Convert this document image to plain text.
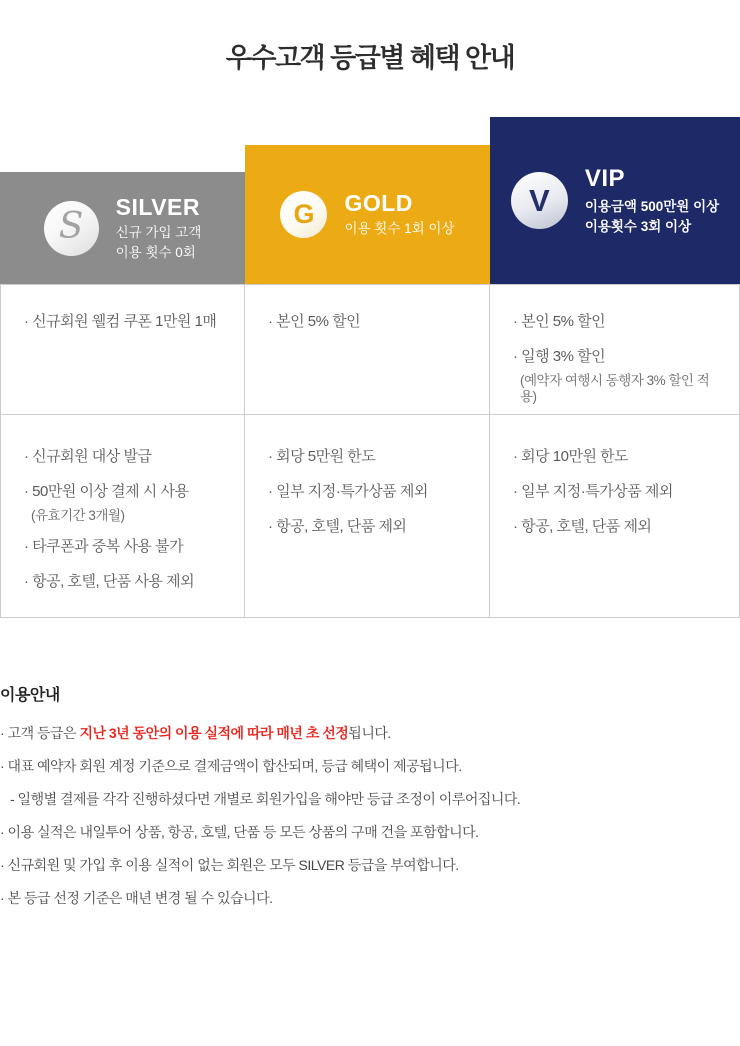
우수고객 등급별 혜택 안내
S SILVER
신규 가입 고객
이용 횟수 0회
G GOLD
이용 횟수 1회 이상
V
VIP
이용금액 500만원 이상
이용횟수 3회 이상

· 신규회원 웰컴 쿠폰 1만원 1매	· 본인 5% 할인	· 본인 5% 할인

· 일행 3% 할인

(예약자 여행시 동행자 3% 할인 적용)

· 신규회원 대상 발급

· 50만원 이상 결제 시 사용

(유효기간 3개월)

· 타쿠폰과 중복 사용 불가

· 항공, 호텔, 단품 사용 제외

· 회당 5만원 한도

· 일부 지정·특가상품 제외

· 항공, 호텔, 단품 제외

· 회당 10만원 한도

· 일부 지정·특가상품 제외

· 항공, 호텔, 단품 제외

이용안내

· 고객 등급은 지난 3년 동안의 이용 실적에 따라 매년 초 선정됩니다.

· 대표 예약자 회원 계정 기준으로 결제금액이 합산되며, 등급 혜택이 제공됩니다.

- 일행별 결제를 각각 진행하셨다면 개별로 회원가입을 해야만 등급 조정이 이루어집니다.

· 이용 실적은 내일투어 상품, 항공, 호텔, 단품 등 모든 상품의 구매 건을 포함합니다.

· 신규회원 및 가입 후 이용 실적이 없는 회원은 모두 SILVER 등급을 부여합니다.

· 본 등급 선정 기준은 매년 변경 될 수 있습니다.
